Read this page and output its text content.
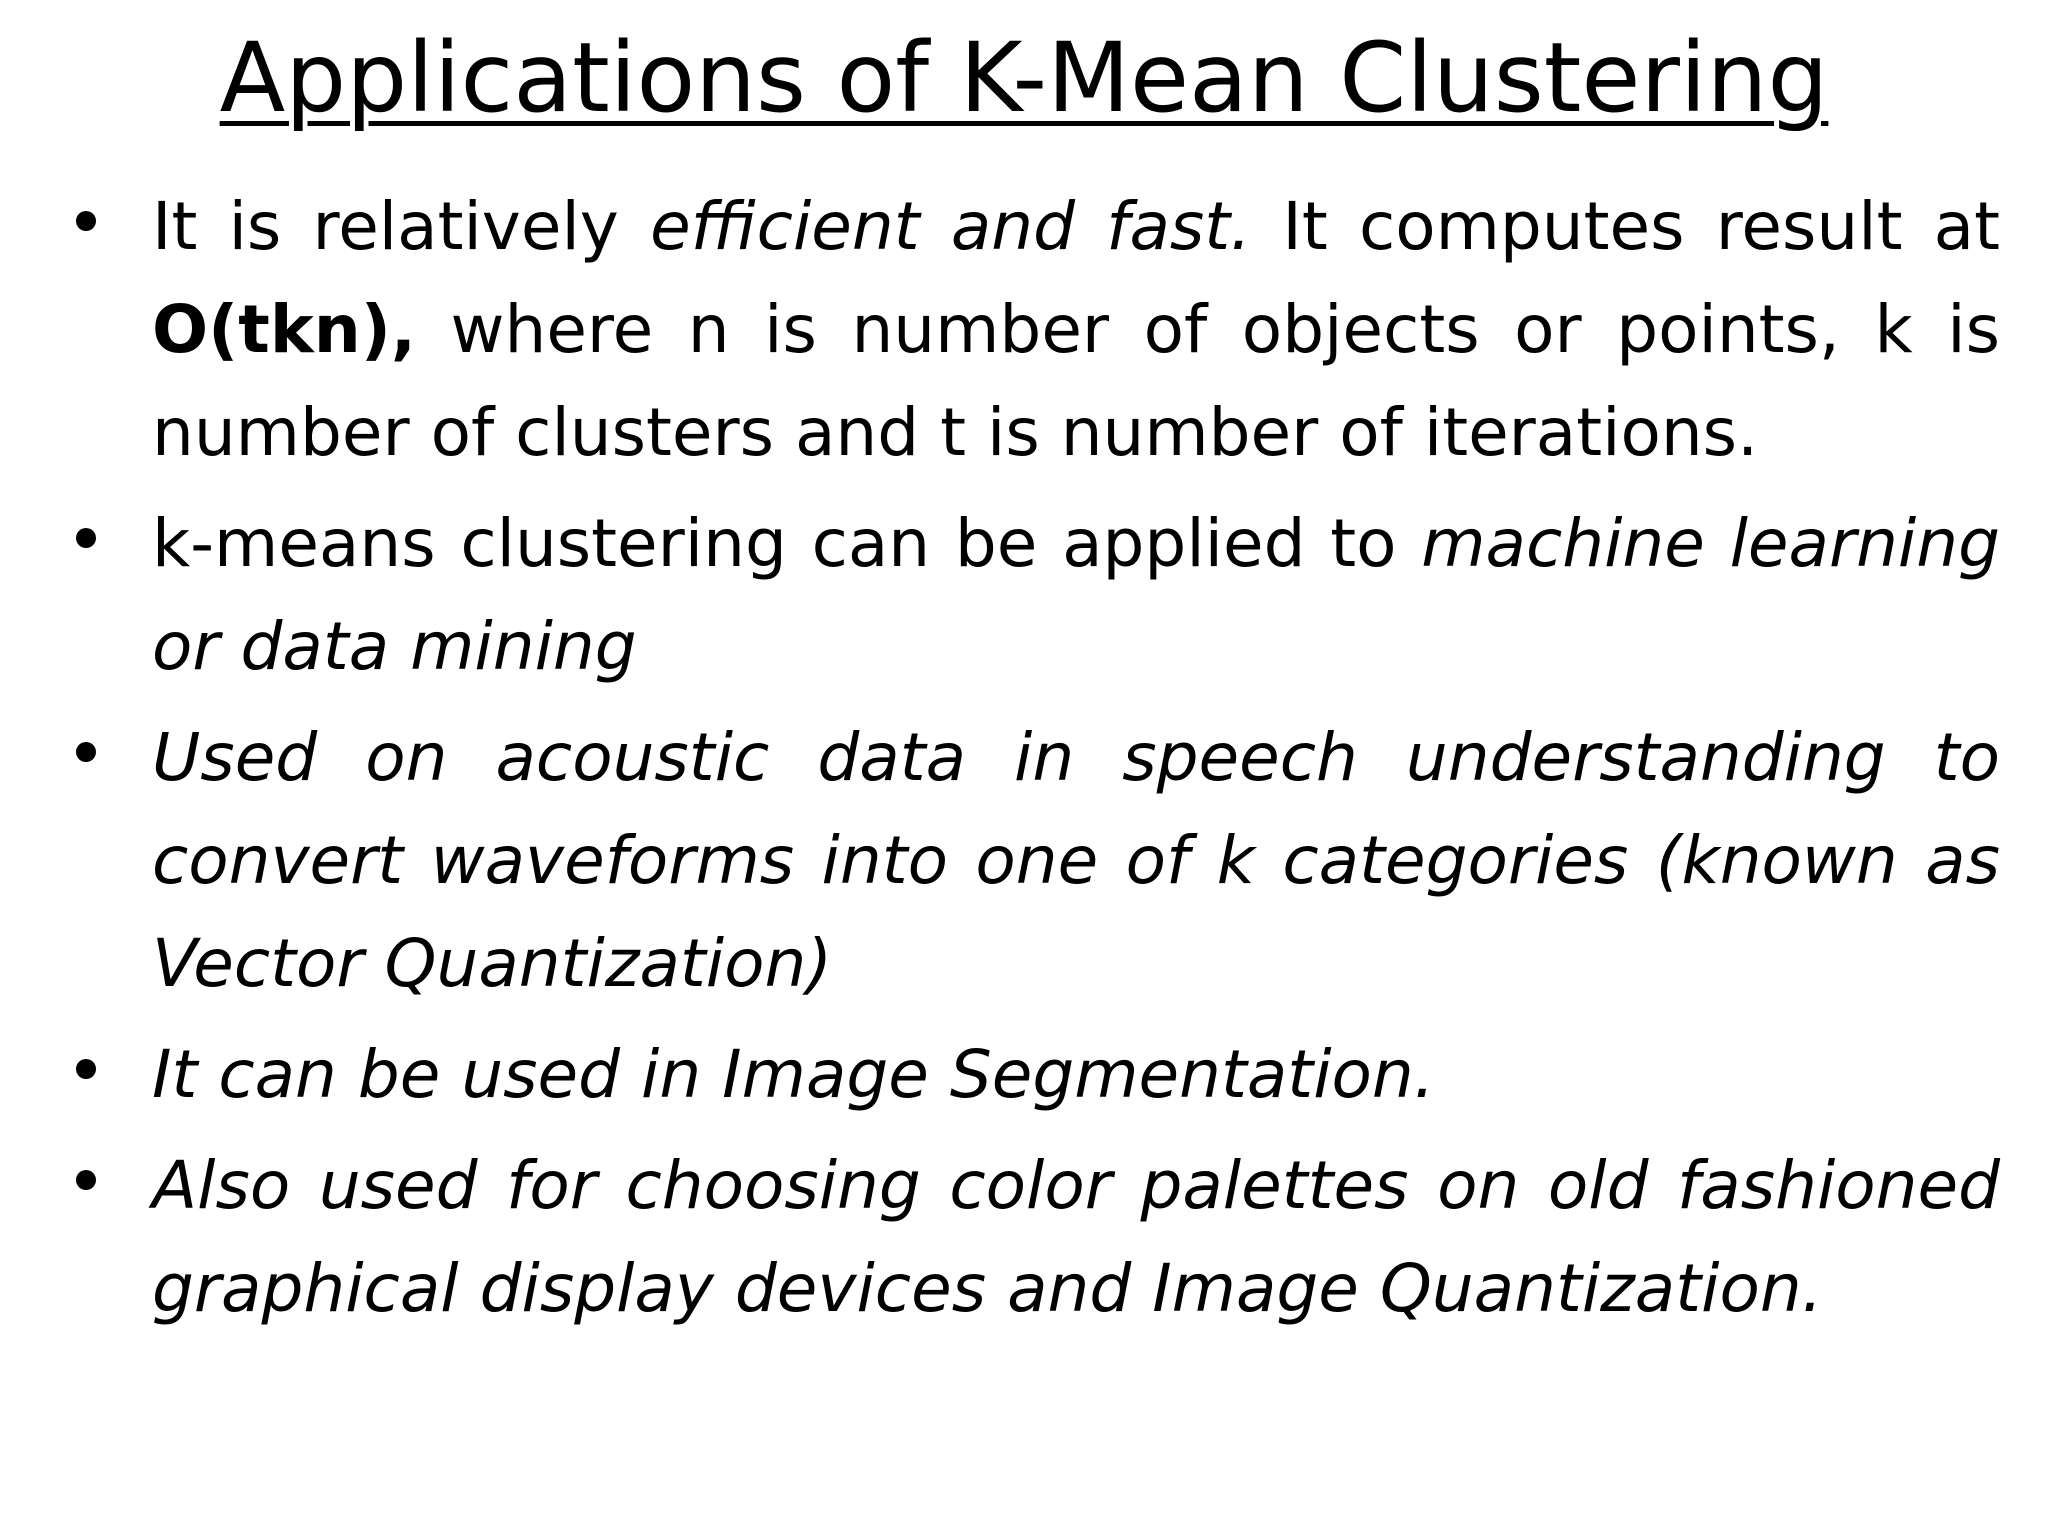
Applications of K-Mean Clustering
It is relatively efficient and fast. It computes result at O(tkn), where n is number of objects or points, k is number of clusters and t is number of iterations.
k-means clustering can be applied to machine learning or data mining
Used on acoustic data in speech understanding to convert waveforms into one of k categories (known as Vector Quantization)
It can be used in Image Segmentation.
Also used for choosing color palettes on old fashioned graphical display devices and Image Quantization.
